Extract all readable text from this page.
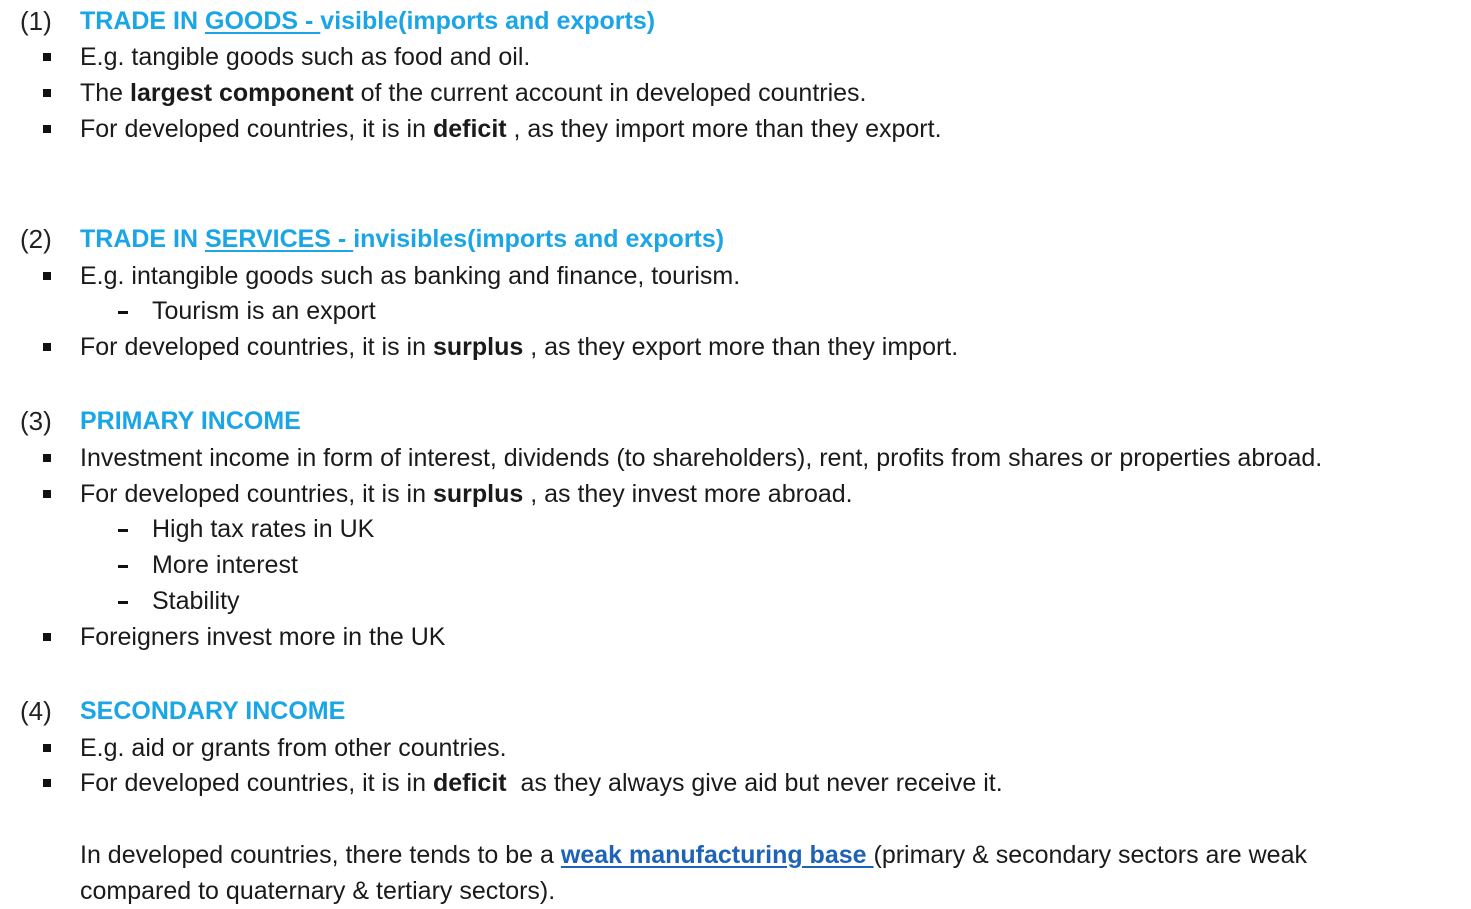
(1) TRADE IN GOODS - visible(imports and exports)
E.g. tangible goods such as food and oil.
The largest component of the current account in developed countries.
For developed countries, it is in deficit , as they import more than they export.
(2) TRADE IN SERVICES - invisibles(imports and exports)
E.g. intangible goods such as banking and finance, tourism.
Tourism is an export
For developed countries, it is in surplus , as they export more than they import.
(3) PRIMARY INCOME
Investment income in form of interest, dividends (to shareholders), rent, profits from shares or properties abroad.
For developed countries, it is in surplus , as they invest more abroad.
High tax rates in UK
More interest
Stability
Foreigners invest more in the UK
(4) SECONDARY INCOME
E.g. aid or grants from other countries.
For developed countries, it is in deficit  as they always give aid but never receive it.
In developed countries, there tends to be a weak manufacturing base (primary & secondary sectors are weak
compared to quaternary & tertiary sectors).
